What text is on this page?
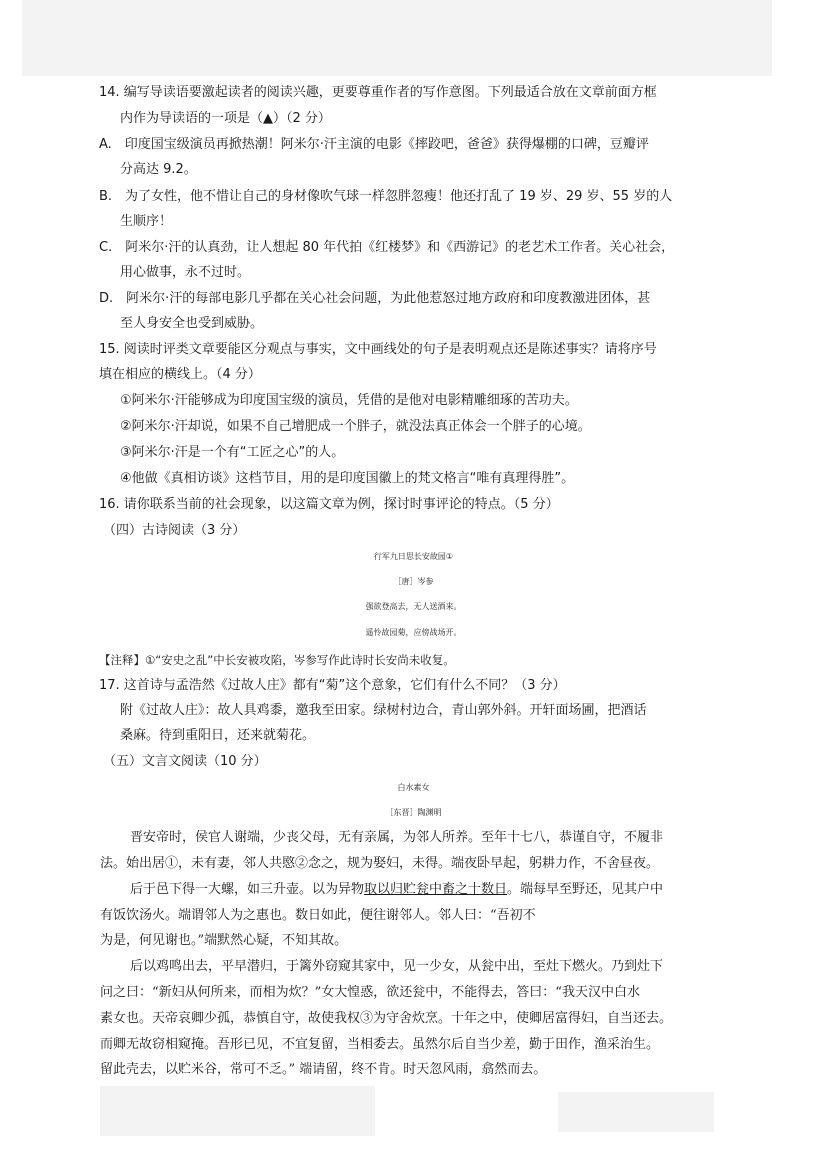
14. 编写导读语要激起读者的阅读兴趣，更要尊重作者的写作意图。下列最适合放在文章前面方框
内作为导读语的一项是（▲）（2 分）
A.　印度国宝级演员再掀热潮！阿米尔·汗主演的电影《摔跤吧，爸爸》获得爆棚的口碑，豆瓣评
分高达 9.2。
B.　为了女性，他不惜让自己的身材像吹气球一样忽胖忽瘦！他还打乱了 19 岁、29 岁、55 岁的人
生顺序！
C.　阿米尔·汗的认真劲，让人想起 80 年代拍《红楼梦》和《西游记》的老艺术工作者。关心社会，
用心做事，永不过时。
D.　阿米尔·汗的每部电影几乎都在关心社会问题，为此他惹怒过地方政府和印度教激进团体，甚
至人身安全也受到威胁。
15. 阅读时评类文章要能区分观点与事实，文中画线处的句子是表明观点还是陈述事实？请将序号
填在相应的横线上。（4 分）
①阿米尔·汗能够成为印度国宝级的演员，凭借的是他对电影精雕细琢的苦功夫。
②阿米尔·汗却说，如果不自己增肥成一个胖子，就没法真正体会一个胖子的心境。
③阿米尔·汗是一个有“工匠之心”的人。
④他做《真相访谈》这档节目，用的是印度国徽上的梵文格言“唯有真理得胜”。
16. 请你联系当前的社会现象，以这篇文章为例，探讨时事评论的特点。（5 分）
（四）古诗阅读（3 分）
行军九日思长安故园①
［唐］岑参
强欲登高去，无人送酒来。
遥怜故园菊，应傍战场开。
【注释】①“安史之乱”中长安被攻陷，岑参写作此诗时长安尚未收复。
17. 这首诗与孟浩然《过故人庄》都有“菊”这个意象，它们有什么不同？（3 分）
附《过故人庄》：故人具鸡黍，邀我至田家。绿树村边合，青山郭外斜。开轩面场圃，把酒话
桑麻。待到重阳日，还来就菊花。
（五）文言文阅读（10 分）
白水素女
［东晋］陶渊明
晋安帝时，侯官人谢端，少丧父母，无有亲属，为邻人所养。至年十七八，恭谨自守，不履非
法。始出居①，未有妻，邻人共愍②念之，规为娶妇，未得。端夜卧早起，躬耕力作，不舍昼夜。
后于邑下得一大螺，如三升壶。以为异物取以归贮瓮中畜之十数日。端每早至野还，见其户中
有饭饮汤火。端谓邻人为之惠也。数日如此，便往谢邻人。邻人曰：“吾初不
为是，何见谢也。”端默然心疑，不知其故。
后以鸡鸣出去，平早潜归，于篱外窃窥其家中，见一少女，从瓮中出，至灶下燃火。乃到灶下
问之曰：“新妇从何所来，而相为炊？”女大惶惑，欲还瓮中，不能得去，答曰：“我天汉中白水
素女也。天帝哀卿少孤，恭慎自守，故使我权③为守舍炊烹。十年之中，使卿居富得妇，自当还去。
而卿无故窃相窥掩。吾形已见，不宜复留，当相委去。虽然尔后自当少差，勤于田作，渔采治生。
留此壳去，以贮米谷，常可不乏。” 端请留，终不肯。时天忽风雨，翕然而去。
